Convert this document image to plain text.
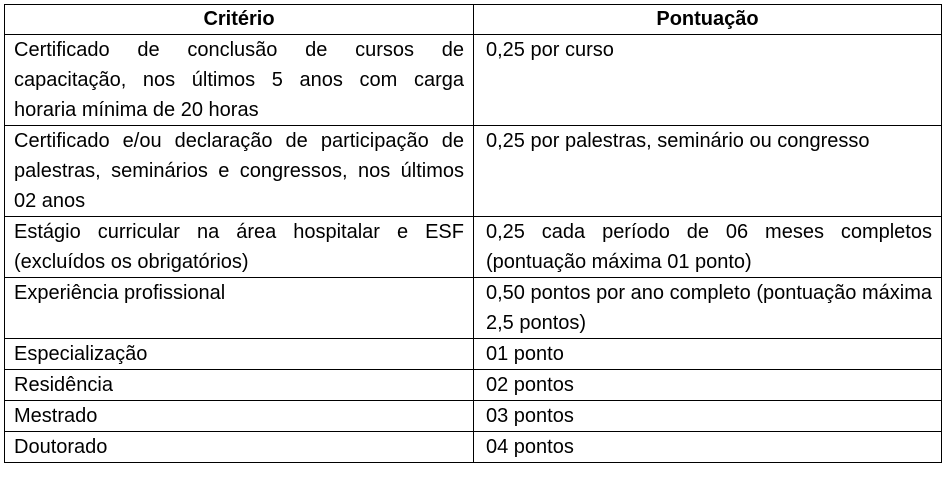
Critério	Pontuação
Certificado de conclusão de cursos de capacitação, nos últimos 5 anos com carga horaria mínima de 20 horas	0,25 por curso
Certificado e/ou declaração de participação de palestras, seminários e congressos, nos últimos 02 anos	0,25 por palestras, seminário ou congresso
Estágio curricular na área hospitalar e ESF (excluídos os obrigatórios)	0,25 cada período de 06 meses completos (pontuação máxima 01 ponto)
Experiência profissional	0,50 pontos por ano completo (pontuação máxima 2,5 pontos)
Especialização	01 ponto
Residência	02 pontos
Mestrado	03 pontos
Doutorado	04 pontos
